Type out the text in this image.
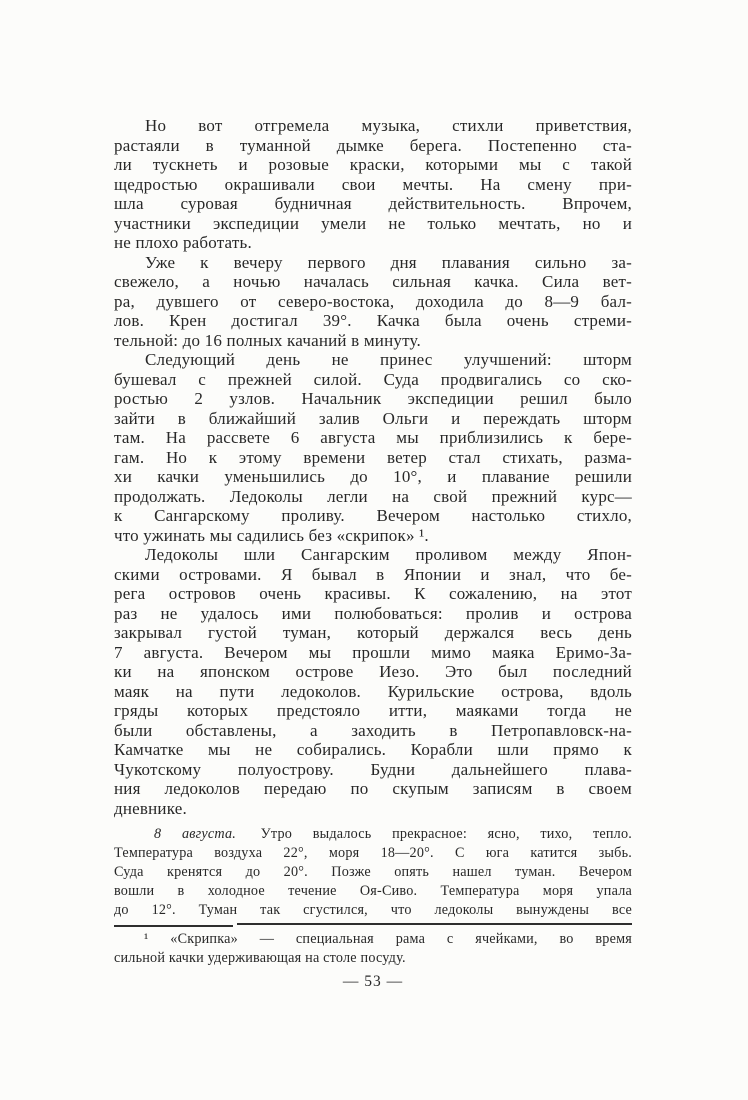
Но вот отгремела музыка, стихли приветствия,
растаяли в туманной дымке берега. Постепенно ста-
ли тускнеть и розовые краски, которыми мы с такой
щедростью окрашивали свои мечты. На смену при-
шла суровая будничная действительность. Впрочем,
участники экспедиции умели не только мечтать, но и
не плохо работать.

Уже к вечеру первого дня плавания сильно за-
свежело, а ночью началась сильная качка. Сила вет-
ра, дувшего от северо-востока, доходила до 8—9 бал-
лов. Крен достигал 39°. Качка была очень стреми-
тельной: до 16 полных качаний в минуту.

Следующий день не принес улучшений: шторм
бушевал с прежней силой. Суда продвигались со ско-
ростью 2 узлов. Начальник экспедиции решил было
зайти в ближайший залив Ольги и переждать шторм
там. На рассвете 6 августа мы приблизились к бере-
гам. Но к этому времени ветер стал стихать, разма-
хи качки уменьшились до 10°, и плавание решили
продолжать. Ледоколы легли на свой прежний курс—
к Сангарскому проливу. Вечером настолько стихло,
что ужинать мы садились без «скрипок» ¹.

Ледоколы шли Сангарским проливом между Япон-
скими островами. Я бывал в Японии и знал, что бе-
рега островов очень красивы. К сожалению, на этот
раз не удалось ими полюбоваться: пролив и острова
закрывал густой туман, который держался весь день
7 августа. Вечером мы прошли мимо маяка Еримо-За-
ки на японском острове Иезо. Это был последний
маяк на пути ледоколов. Курильские острова, вдоль
гряды которых предстояло итти, маяками тогда не
были обставлены, а заходить в Петропавловск-на-
Камчатке мы не собирались. Корабли шли прямо к
Чукотскому полуострову. Будни дальнейшего плава-
ния ледоколов передаю по скупым записям в своем
дневнике.

8 августа. Утро выдалось прекрасное: ясно, тихо, тепло.
Температура воздуха 22°, моря 18—20°. С юга катится зыбь.
Суда кренятся до 20°. Позже опять нашел туман. Вечером
вошли в холодное течение Оя-Сиво. Температура моря упала
до 12°. Туман так сгустился, что ледоколы вынуждены все
¹ «Скрипка» — специальная рама с ячейками, во время
сильной качки удерживающая на столе посуду.
— 53 —
